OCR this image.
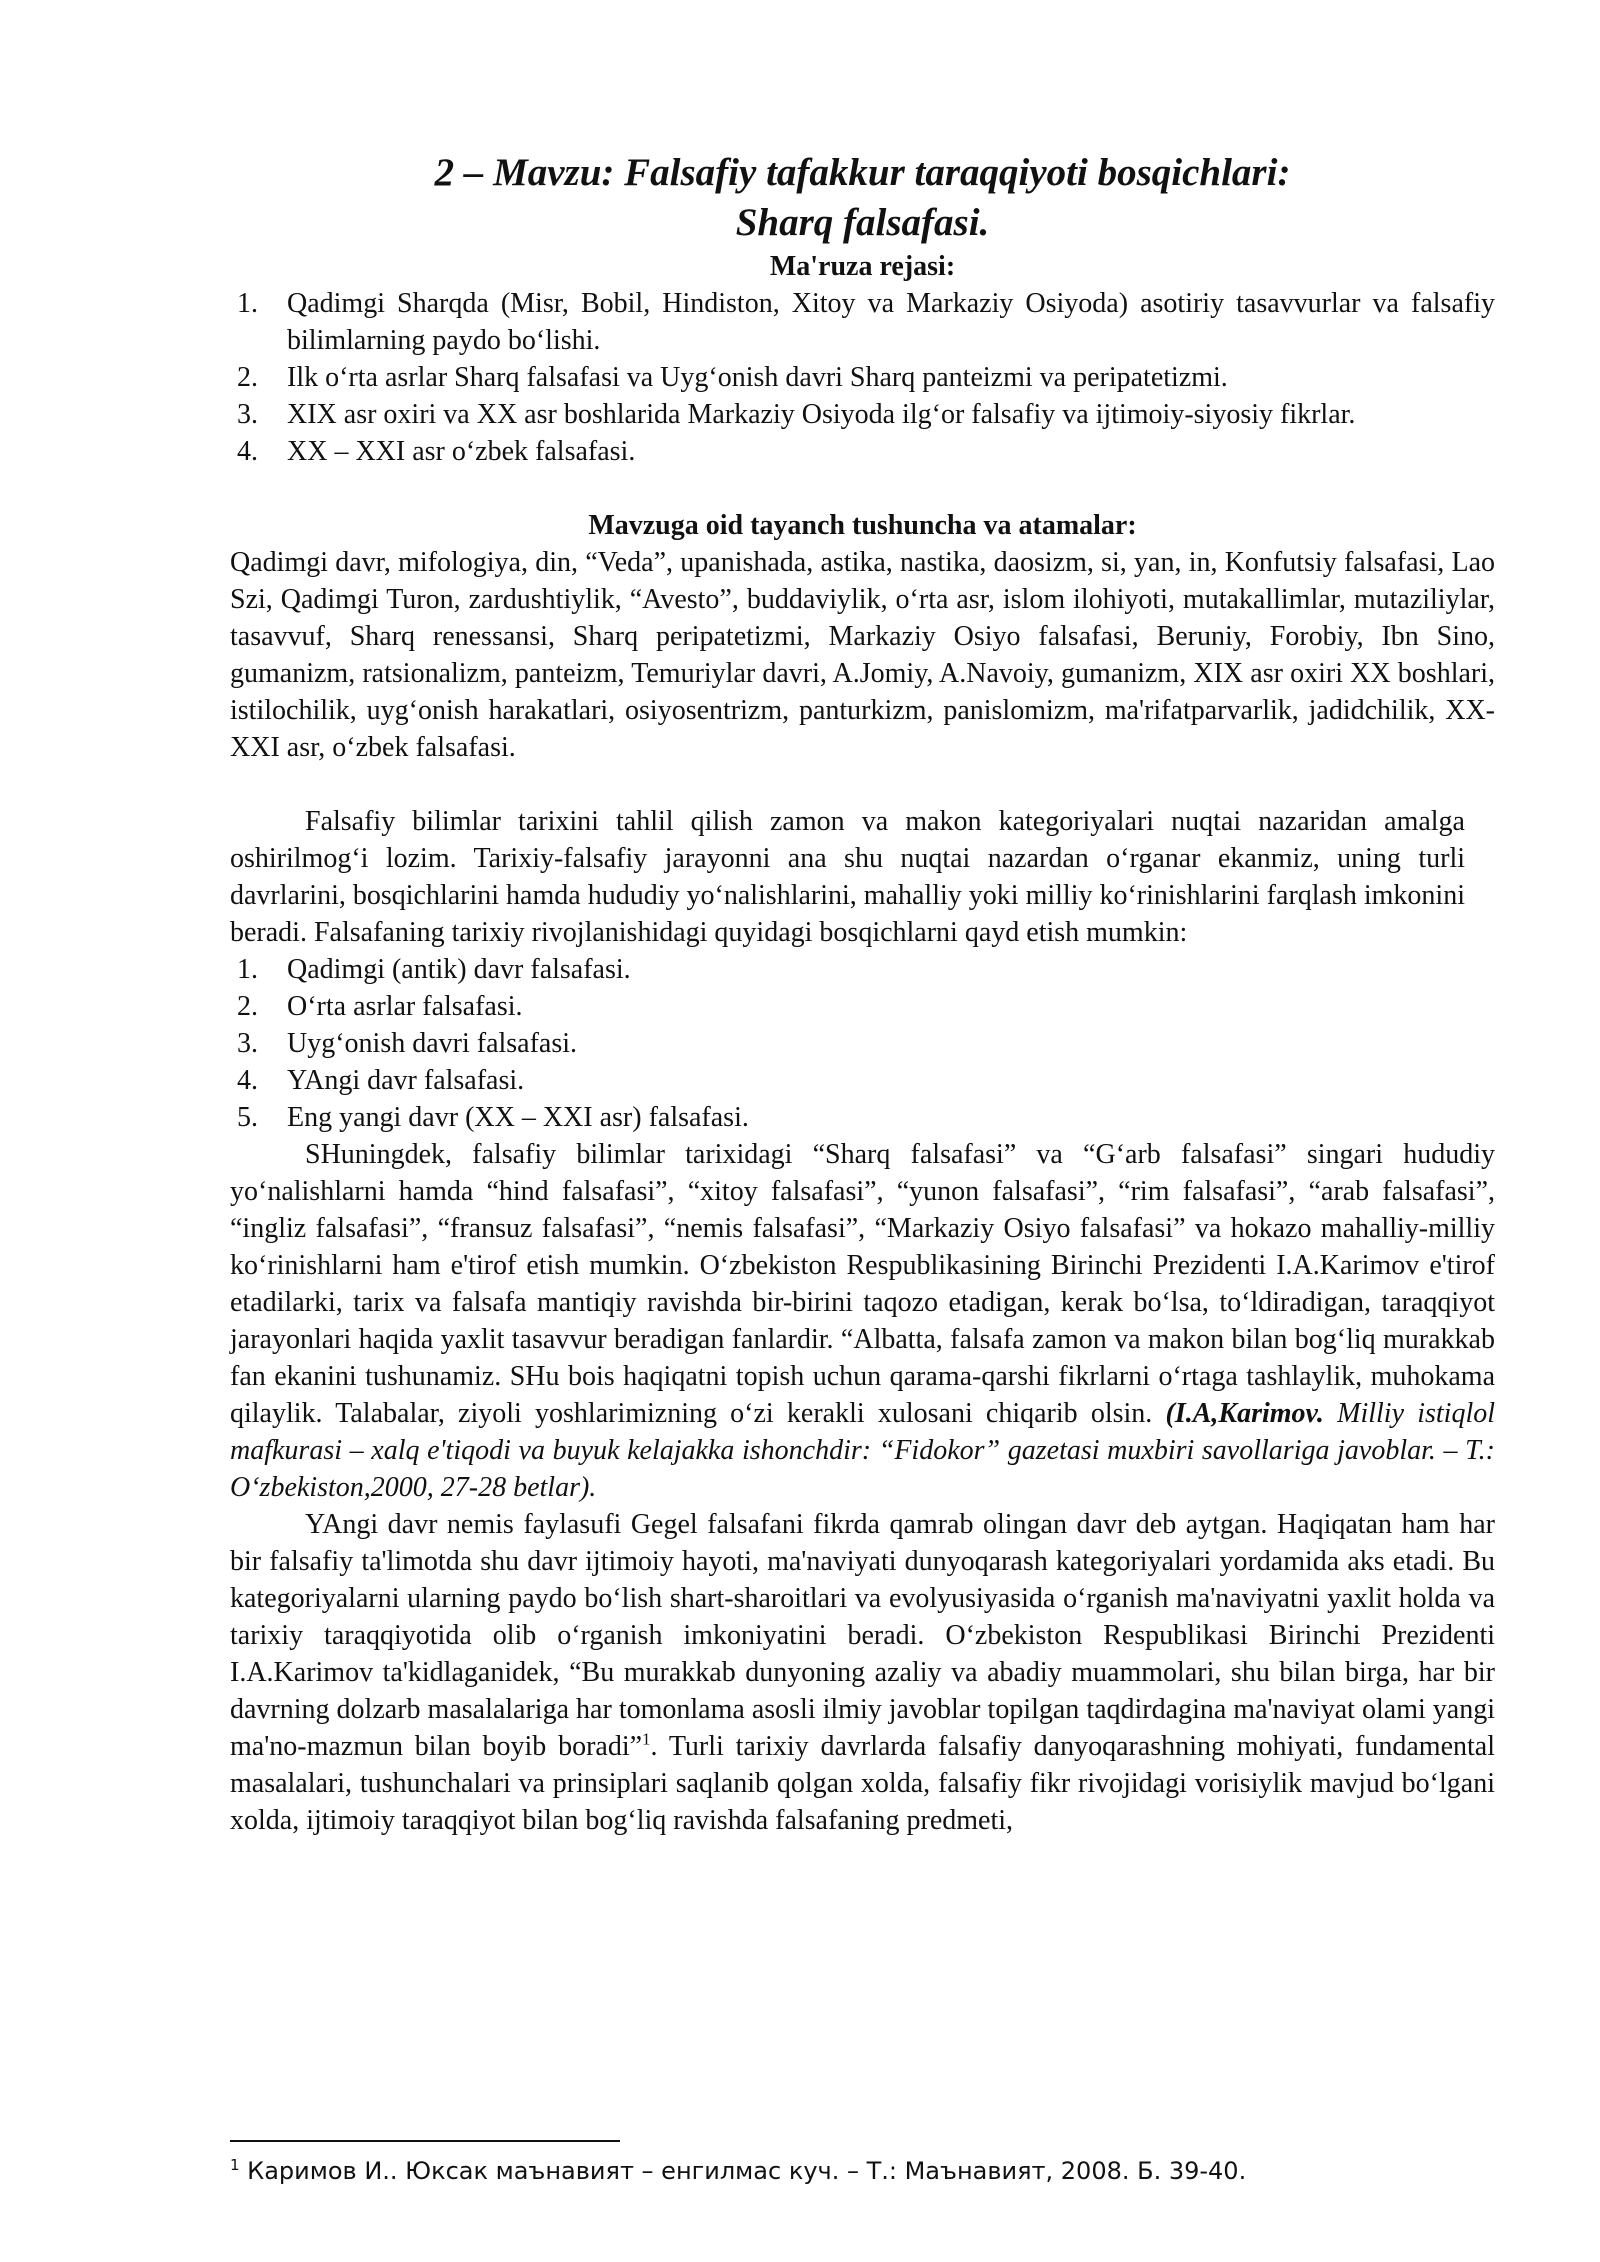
2 – Mavzu: Falsafiy tafakkur taraqqiyoti bosqichlari:
Sharq falsafasi.
Ma'ruza rejasi:
1. Qadimgi Sharqda (Misr, Bobil, Hindiston, Xitoy va Markaziy Osiyoda) asotiriy tasavvurlar va falsafiy bilimlarning paydo bo‘lishi.
2. Ilk o‘rta asrlar Sharq falsafasi va Uyg‘onish davri Sharq panteizmi va peripatetizmi.
3. XIX asr oxiri va XX asr boshlarida Markaziy Osiyoda ilg‘or falsafiy va ijtimoiy-siyosiy fikrlar.
4. XX – XXI asr o‘zbek falsafasi.
Mavzuga oid tayanch tushuncha va atamalar:

Qadimgi davr, mifologiya, din, “Veda”, upanishada, astika, nastika, daosizm, si, yan, in, Konfutsiy falsafasi, Lao Szi, Qadimgi Turon, zardushtiylik, “Avesto”, buddaviylik, o‘rta asr, islom ilohiyoti, mutakallimlar, mutaziliylar, tasavvuf, Sharq renessansi, Sharq peripatetizmi, Markaziy Osiyo falsafasi, Beruniy, Forobiy, Ibn Sino, gumanizm, ratsionalizm, panteizm, Temuriylar davri, A.Jomiy, A.Navoiy, gumanizm, XIX asr oxiri XX boshlari, istilochilik, uyg‘onish harakatlari, osiyosentrizm, panturkizm, panislomizm, ma'rifatparvarlik, jadidchilik, XX-XXI asr, o‘zbek falsafasi.

Falsafiy bilimlar tarixini tahlil qilish zamon va makon kategoriyalari nuqtai nazaridan amalga oshirilmog‘i lozim. Tarixiy-falsafiy jarayonni ana shu nuqtai nazardan o‘rganar ekanmiz, uning turli davrlarini, bosqichlarini hamda hududiy yo‘nalishlarini, mahalliy yoki milliy ko‘rinishlarini farqlash imkonini beradi. Falsafaning tarixiy rivojlanishidagi quyidagi bosqichlarni qayd etish mumkin:

1. Qadimgi (antik) davr falsafasi.
2. O‘rta asrlar falsafasi.
3. Uyg‘onish davri falsafasi.
4. YAngi davr falsafasi.
5. Eng yangi davr (XX – XXI asr) falsafasi.

SHuningdek, falsafiy bilimlar tarixidagi “Sharq falsafasi” va “G‘arb falsafasi” singari hududiy yo‘nalishlarni hamda “hind falsafasi”, “xitoy falsafasi”, “yunon falsafasi”, “rim falsafasi”, “arab falsafasi”, “ingliz falsafasi”, “fransuz falsafasi”, “nemis falsafasi”, “Markaziy Osiyo falsafasi” va hokazo mahalliy-milliy ko‘rinishlarni ham e'tirof etish mumkin. O‘zbekiston Respublikasining Birinchi Prezidenti I.A.Karimov e'tirof etadilarki, tarix va falsafa mantiqiy ravishda bir-birini taqozo etadigan, kerak bo‘lsa, to‘ldiradigan, taraqqiyot jarayonlari haqida yaxlit tasavvur beradigan fanlardir. “Albatta, falsafa zamon va makon bilan bog‘liq murakkab fan ekanini tushunamiz. SHu bois haqiqatni topish uchun qarama-qarshi fikrlarni o‘rtaga tashlaylik, muhokama qilaylik. Talabalar, ziyoli yoshlarimizning o‘zi kerakli xulosani chiqarib olsin. (I.A,Karimov. Milliy istiqlol mafkurasi – xalq e'tiqodi va buyuk kelajakka ishonchdir: “Fidokor” gazetasi muxbiri savollariga javoblar. – T.: O‘zbekiston,2000, 27-28 betlar).

YAngi davr nemis faylasufi Gegel falsafani fikrda qamrab olingan davr deb aytgan. Haqiqatan ham har bir falsafiy ta'limotda shu davr ijtimoiy hayoti, ma'naviyati dunyoqarash kategoriyalari yordamida aks etadi. Bu kategoriyalarni ularning paydo bo‘lish shart-sharoitlari va evolyusiyasida o‘rganish ma'naviyatni yaxlit holda va tarixiy taraqqiyotida olib o‘rganish imkoniyatini beradi. O‘zbekiston Respublikasi Birinchi Prezidenti I.A.Karimov ta'kidlaganidek, “Bu murakkab dunyoning azaliy va abadiy muammolari, shu bilan birga, har bir davrning dolzarb masalalariga har tomonlama asosli ilmiy javoblar topilgan taqdirdagina ma'naviyat olami yangi ma'no-mazmun bilan boyib boradi”$^1$. Turli tarixiy davrlarda falsafiy danyoqarashning mohiyati, fundamental masalalari, tushunchalari va prinsiplari saqlanib qolgan xolda, falsafiy fikr rivojidagi vorisiylik mavjud bo‘lgani xolda, ijtimoiy taraqqiyot bilan bog‘liq ravishda falsafaning predmeti,

$^1$ Каримов И.. Юксак маънавият – енгилмас куч. – Т.: Маънавият, 2008. Б. 39-40.
